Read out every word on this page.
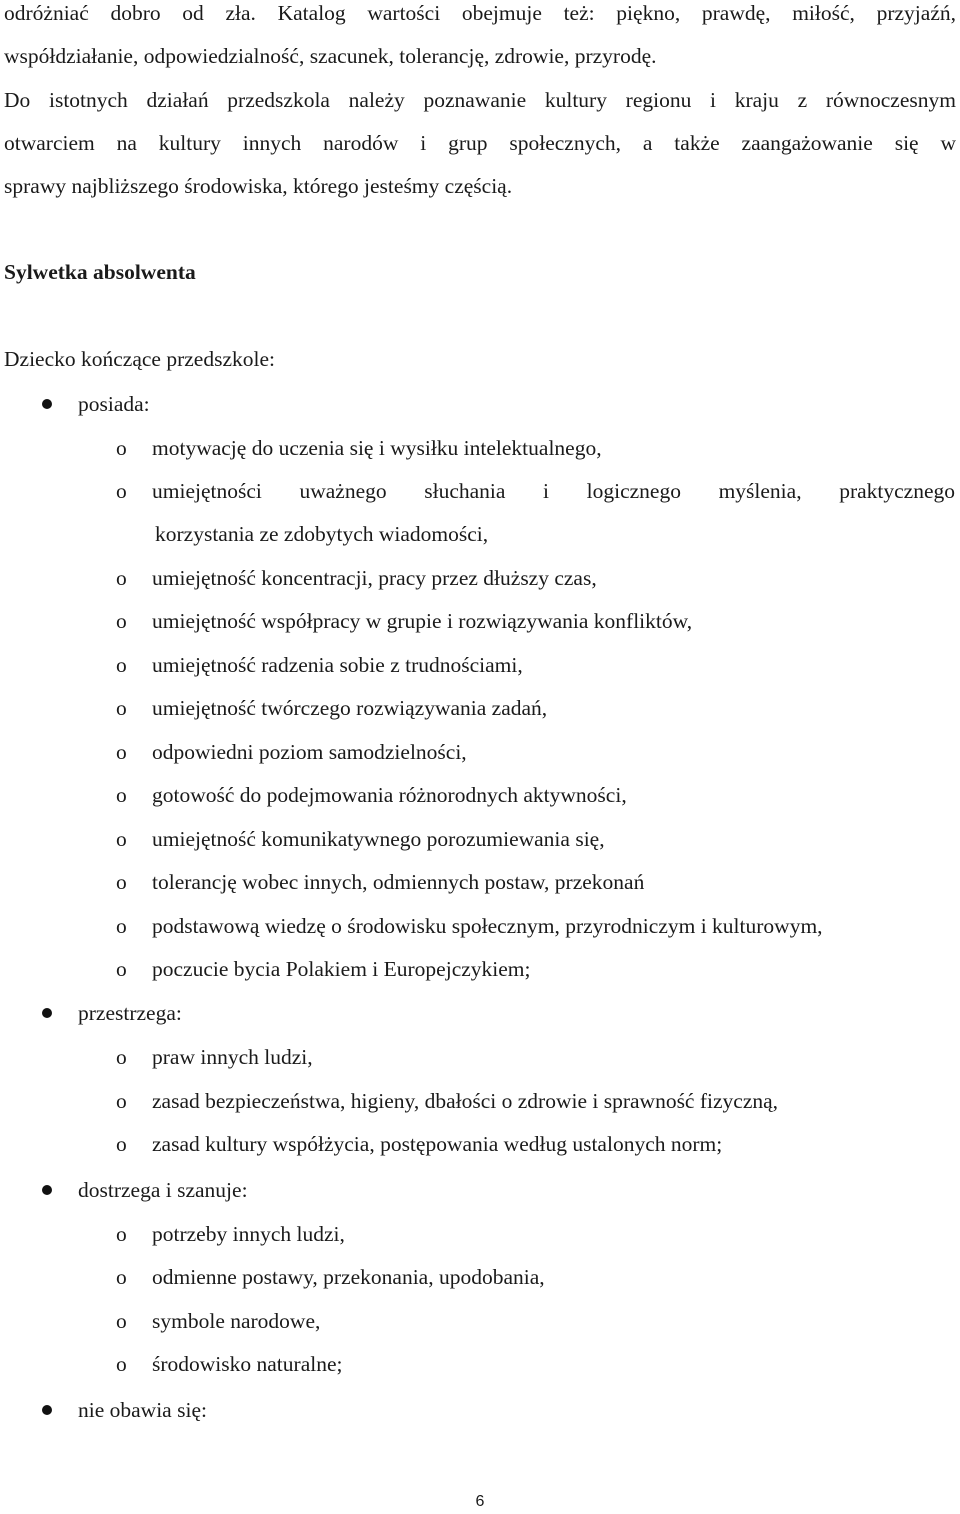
odróżniać dobro od zła. Katalog wartości obejmuje też: piękno, prawdę, miłość, przyjaźń,
współdziałanie, odpowiedzialność, szacunek, tolerancję, zdrowie, przyrodę.
Do istotnych działań przedszkola należy poznawanie kultury regionu i kraju z równoczesnym
otwarciem na kultury innych narodów i grup społecznych, a także zaangażowanie się w
sprawy najbliższego środowiska, którego jesteśmy częścią.
Sylwetka absolwenta
Dziecko kończące przedszkole:
posiada:
o motywację do uczenia się i wysiłku intelektualnego,
o umiejętności uważnego słuchania i logicznego myślenia, praktycznego
korzystania ze zdobytych wiadomości,
o umiejętność koncentracji, pracy przez dłuższy czas,
o umiejętność współpracy w grupie i rozwiązywania konfliktów,
o umiejętność radzenia sobie z trudnościami,
o umiejętność twórczego rozwiązywania zadań,
o odpowiedni poziom samodzielności,
o gotowość do podejmowania różnorodnych aktywności,
o umiejętność komunikatywnego porozumiewania się,
o tolerancję wobec innych, odmiennych postaw, przekonań
o podstawową wiedzę o środowisku społecznym, przyrodniczym i kulturowym,
o poczucie bycia Polakiem i Europejczykiem;
przestrzega:
o praw innych ludzi,
o zasad bezpieczeństwa, higieny, dbałości o zdrowie i sprawność fizyczną,
o zasad kultury współżycia, postępowania według ustalonych norm;
dostrzega i szanuje:
o potrzeby innych ludzi,
o odmienne postawy, przekonania, upodobania,
o symbole narodowe,
o środowisko naturalne;
nie obawia się:
6
